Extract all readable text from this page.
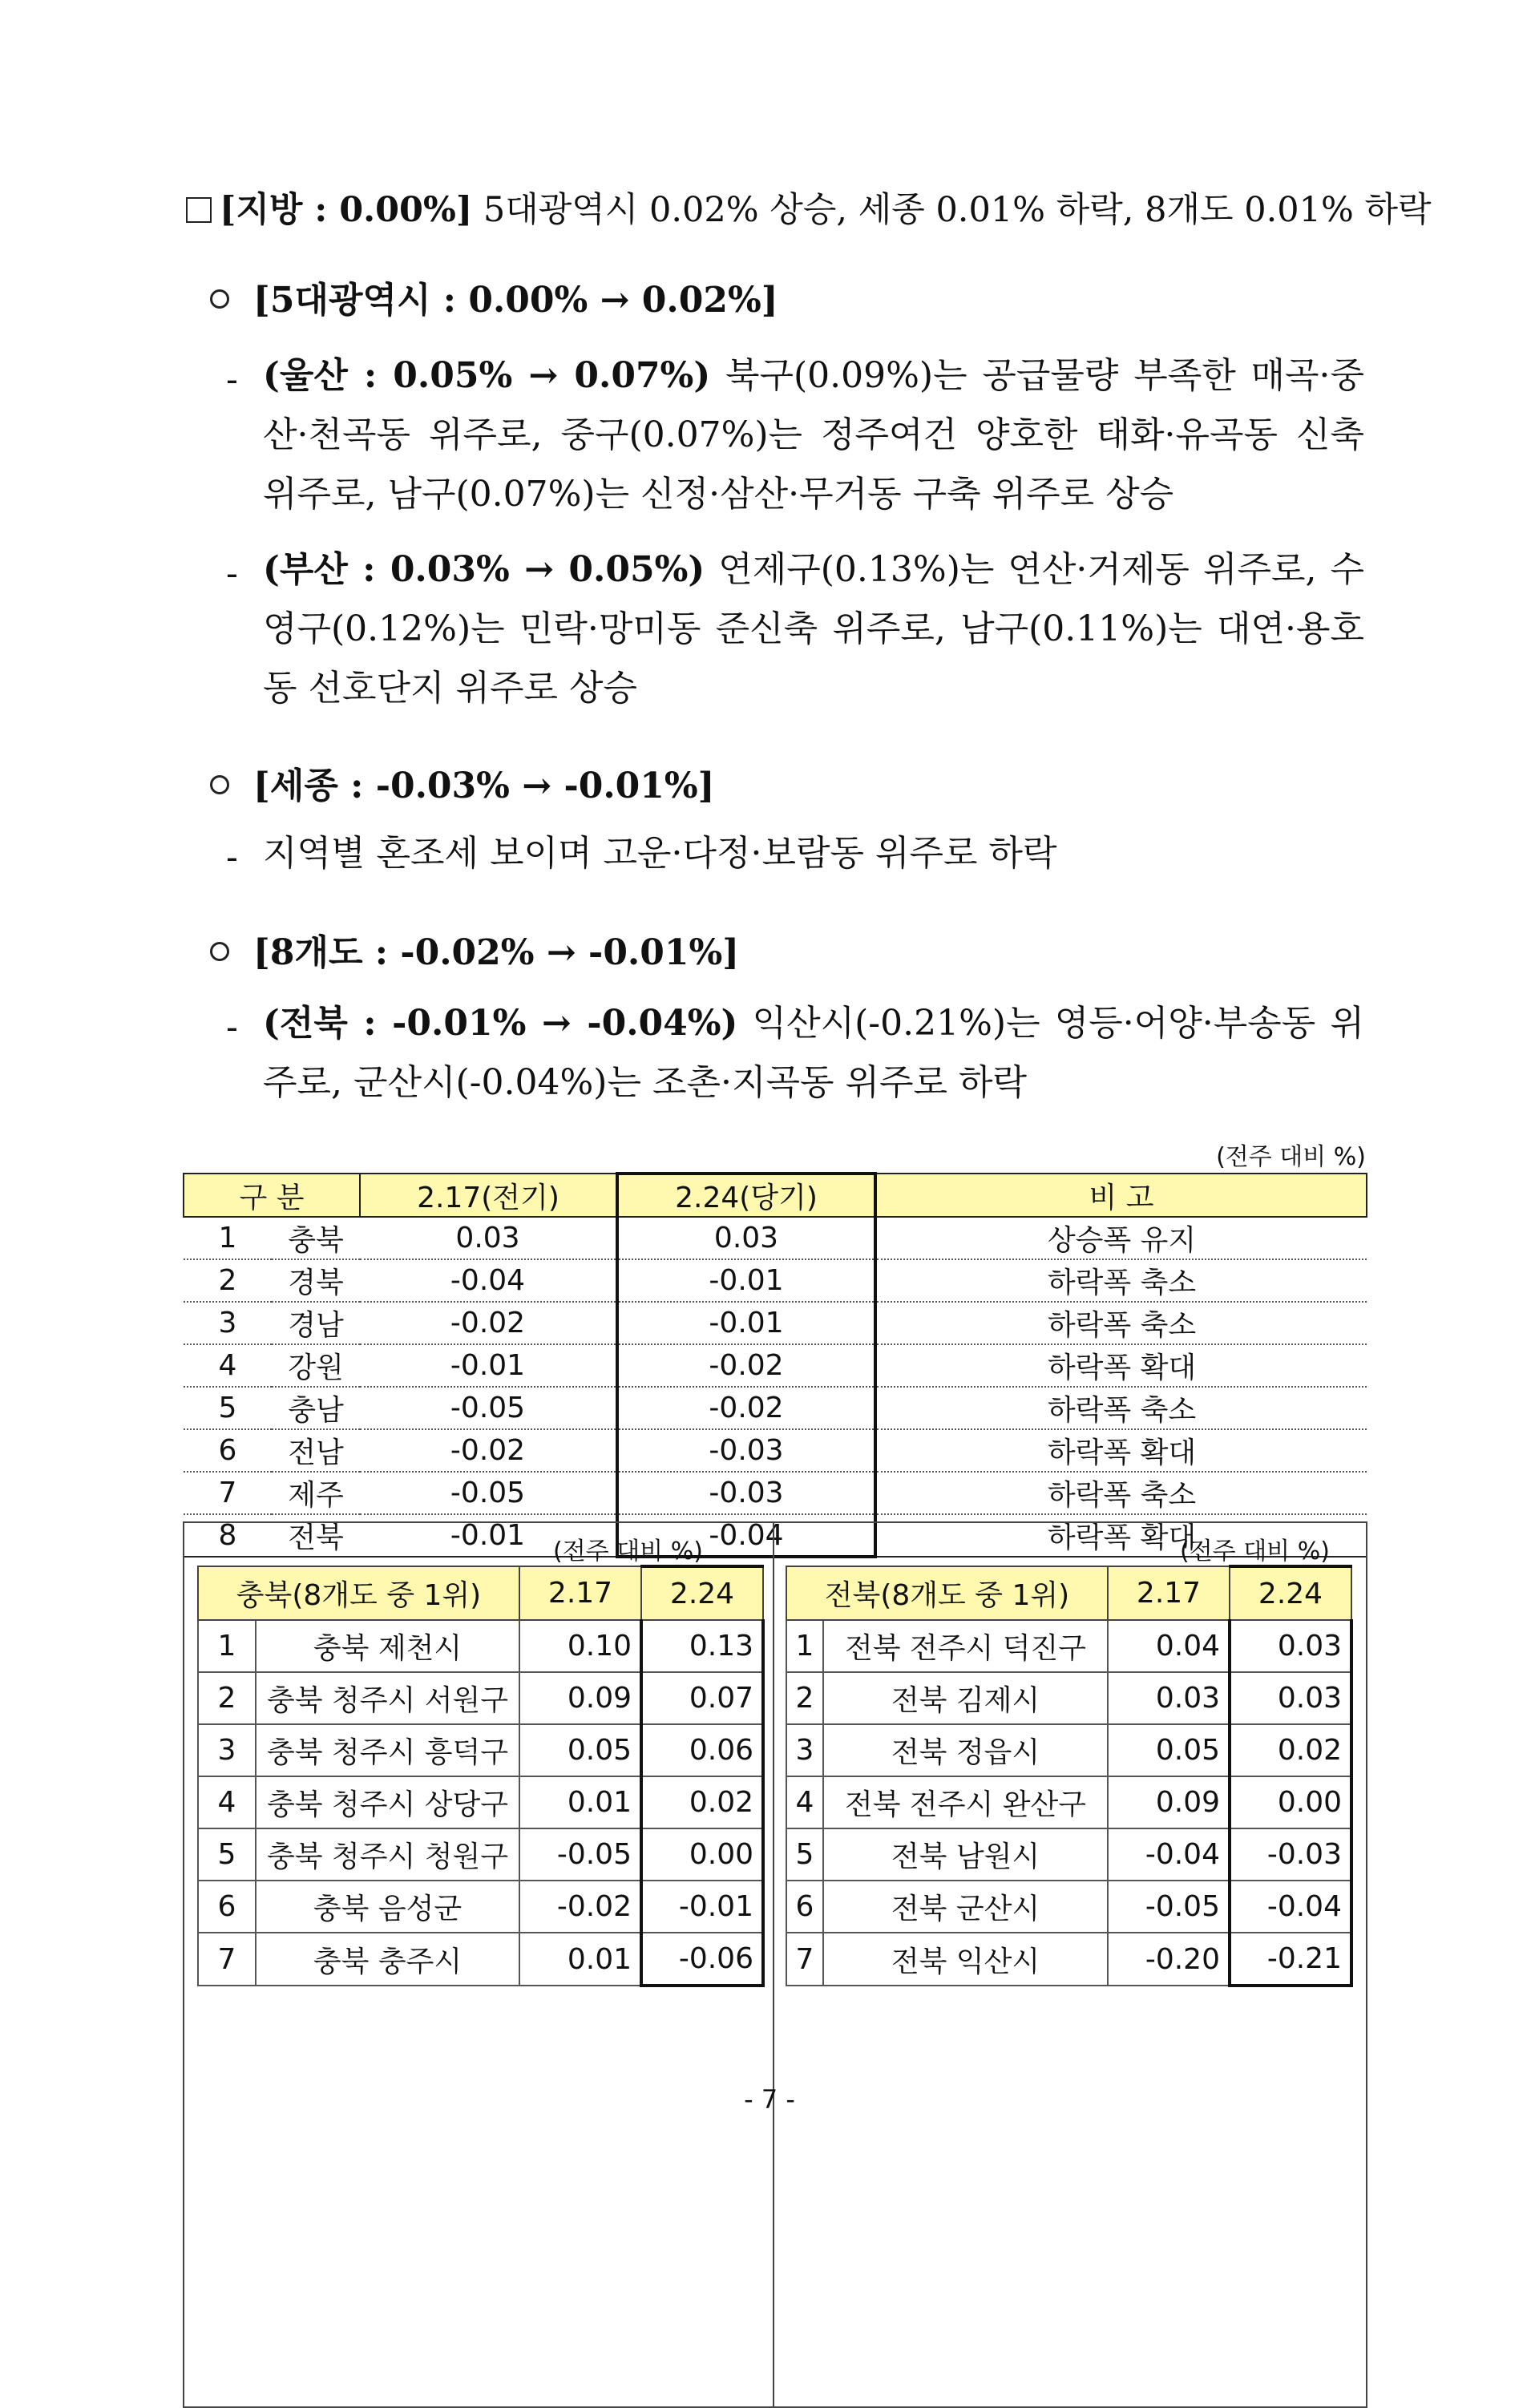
[지방 : 0.00%] 5대광역시 0.02% 상승, 세종 0.01% 하락, 8개도 0.01% 하락
[5대광역시 : 0.00% → 0.02%]
- (울산 : 0.05% → 0.07%) 북구(0.09%)는 공급물량 부족한 매곡·중산·천곡동 위주로, 중구(0.07%)는 정주여건 양호한 태화·유곡동 신축 위주로, 남구(0.07%)는 신정·삼산·무거동 구축 위주로 상승
- (부산 : 0.03% → 0.05%) 연제구(0.13%)는 연산·거제동 위주로, 수영구(0.12%)는 민락·망미동 준신축 위주로, 남구(0.11%)는 대연·용호동 선호단지 위주로 상승
[세종 : -0.03% → -0.01%]
- 지역별 혼조세 보이며 고운·다정·보람동 위주로 하락
[8개도 : -0.02% → -0.01%]
- (전북 : -0.01% → -0.04%) 익산시(-0.21%)는 영등·어양·부송동 위주로, 군산시(-0.04%)는 조촌·지곡동 위주로 하락
(전주 대비 %)
구 분		2.17(전기)	2.24(당기)	비 고
1	충북	0.03	0.03	상승폭 유지
2	경북	-0.04	-0.01	하락폭 축소
3	경남	-0.02	-0.01	하락폭 축소
4	강원	-0.01	-0.02	하락폭 확대
5	충남	-0.05	-0.02	하락폭 축소
6	전남	-0.02	-0.03	하락폭 확대
7	제주	-0.05	-0.03	하락폭 축소
8	전북	-0.01	-0.04	하락폭 확대
(전주 대비 %)	(전주 대비 %)
충북(8개도 중 1위)		2.17	2.24
1	충북 제천시	0.10	0.13
2	충북 청주시 서원구	0.09	0.07
3	충북 청주시 흥덕구	0.05	0.06
4	충북 청주시 상당구	0.01	0.02
5	충북 청주시 청원구	-0.05	0.00
6	충북 음성군	-0.02	-0.01
7	충북 충주시	0.01	-0.06
전북(8개도 중 1위)		2.17	2.24
1	전북 전주시 덕진구	0.04	0.03
2	전북 김제시	0.03	0.03
3	전북 정읍시	0.05	0.02
4	전북 전주시 완산구	0.09	0.00
5	전북 남원시	-0.04	-0.03
6	전북 군산시	-0.05	-0.04
7	전북 익산시	-0.20	-0.21
- 7 -
